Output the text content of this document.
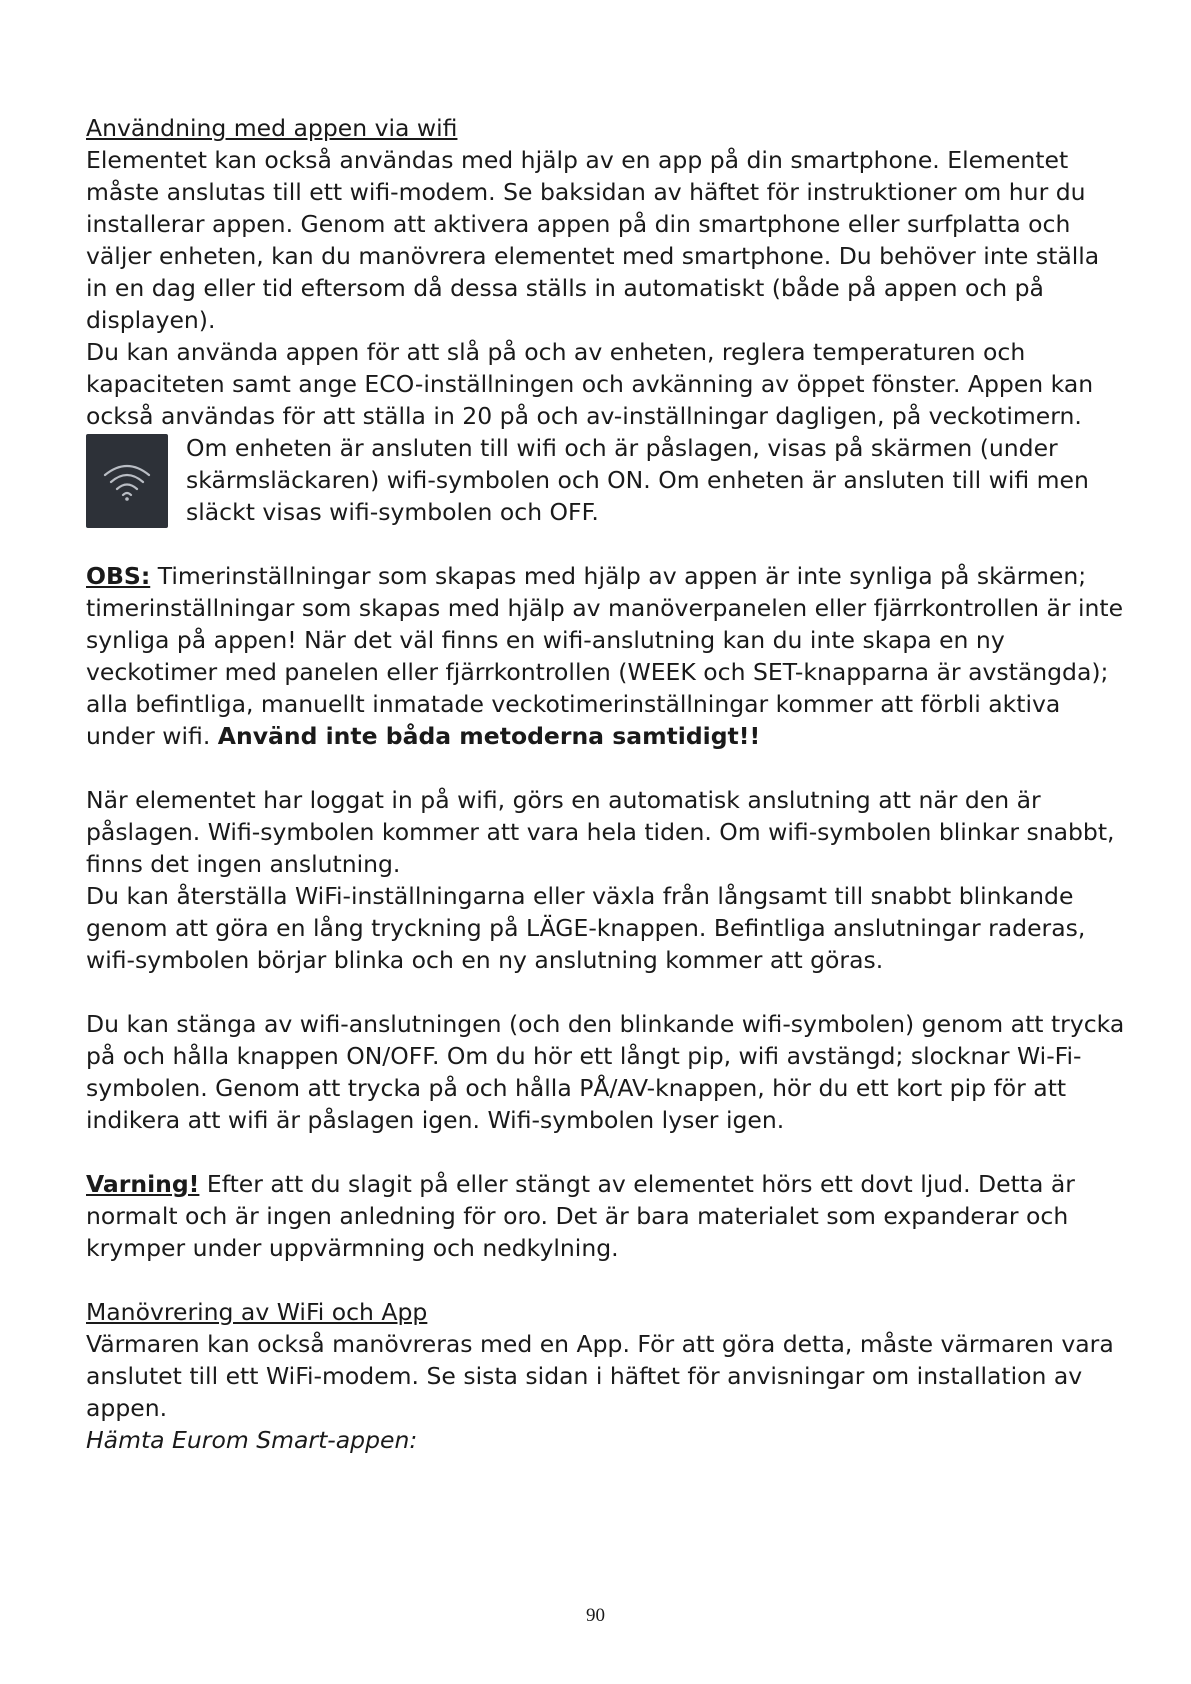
Användning med appen via wifi

Elementet kan också användas med hjälp av en app på din smartphone. Elementet måste anslutas till ett wifi-modem. Se baksidan av häftet för instruktioner om hur du installerar appen. Genom att aktivera appen på din smartphone eller surfplatta och väljer enheten, kan du manövrera elementet med smartphone. Du behöver inte ställa in en dag eller tid eftersom då dessa ställs in automatiskt (både på appen och på displayen).

Du kan använda appen för att slå på och av enheten, reglera temperaturen och kapaciteten samt ange ECO-inställningen och avkänning av öppet fönster. Appen kan också användas för att ställa in 20 på och av-inställningar dagligen, på veckotimern.

Om enheten är ansluten till wifi och är påslagen, visas på skärmen (under skärmsläckaren) wifi-symbolen och ON. Om enheten är ansluten till wifi men släckt visas wifi-symbolen och OFF.

OBS: Timerinställningar som skapas med hjälp av appen är inte synliga på skärmen; timerinställningar som skapas med hjälp av manöverpanelen eller fjärrkontrollen är inte synliga på appen! När det väl finns en wifi-anslutning kan du inte skapa en ny veckotimer med panelen eller fjärrkontrollen (WEEK och SET-knapparna är avstängda); alla befintliga, manuellt inmatade veckotimerinställningar kommer att förbli aktiva under wifi. Använd inte båda metoderna samtidigt!!

När elementet har loggat in på wifi, görs en automatisk anslutning att när den är påslagen. Wifi-symbolen kommer att vara hela tiden. Om wifi-symbolen blinkar snabbt, finns det ingen anslutning.

Du kan återställa WiFi-inställningarna eller växla från långsamt till snabbt blinkande genom att göra en lång tryckning på LÄGE-knappen. Befintliga anslutningar raderas, wifi-symbolen börjar blinka och en ny anslutning kommer att göras.

Du kan stänga av wifi-anslutningen (och den blinkande wifi-symbolen) genom att trycka på och hålla knappen ON/OFF. Om du hör ett långt pip, wifi avstängd; slocknar Wi-Fi-symbolen. Genom att trycka på och hålla PÅ/AV-knappen, hör du ett kort pip för att indikera att wifi är påslagen igen. Wifi-symbolen lyser igen.

Varning! Efter att du slagit på eller stängt av elementet hörs ett dovt ljud. Detta är normalt och är ingen anledning för oro. Det är bara materialet som expanderar och krymper under uppvärmning och nedkylning.

Manövrering av WiFi och App

Värmaren kan också manövreras med en App. För att göra detta, måste värmaren vara anslutet till ett WiFi-modem. Se sista sidan i häftet för anvisningar om installation av appen.

Hämta Eurom Smart-appen:

90
